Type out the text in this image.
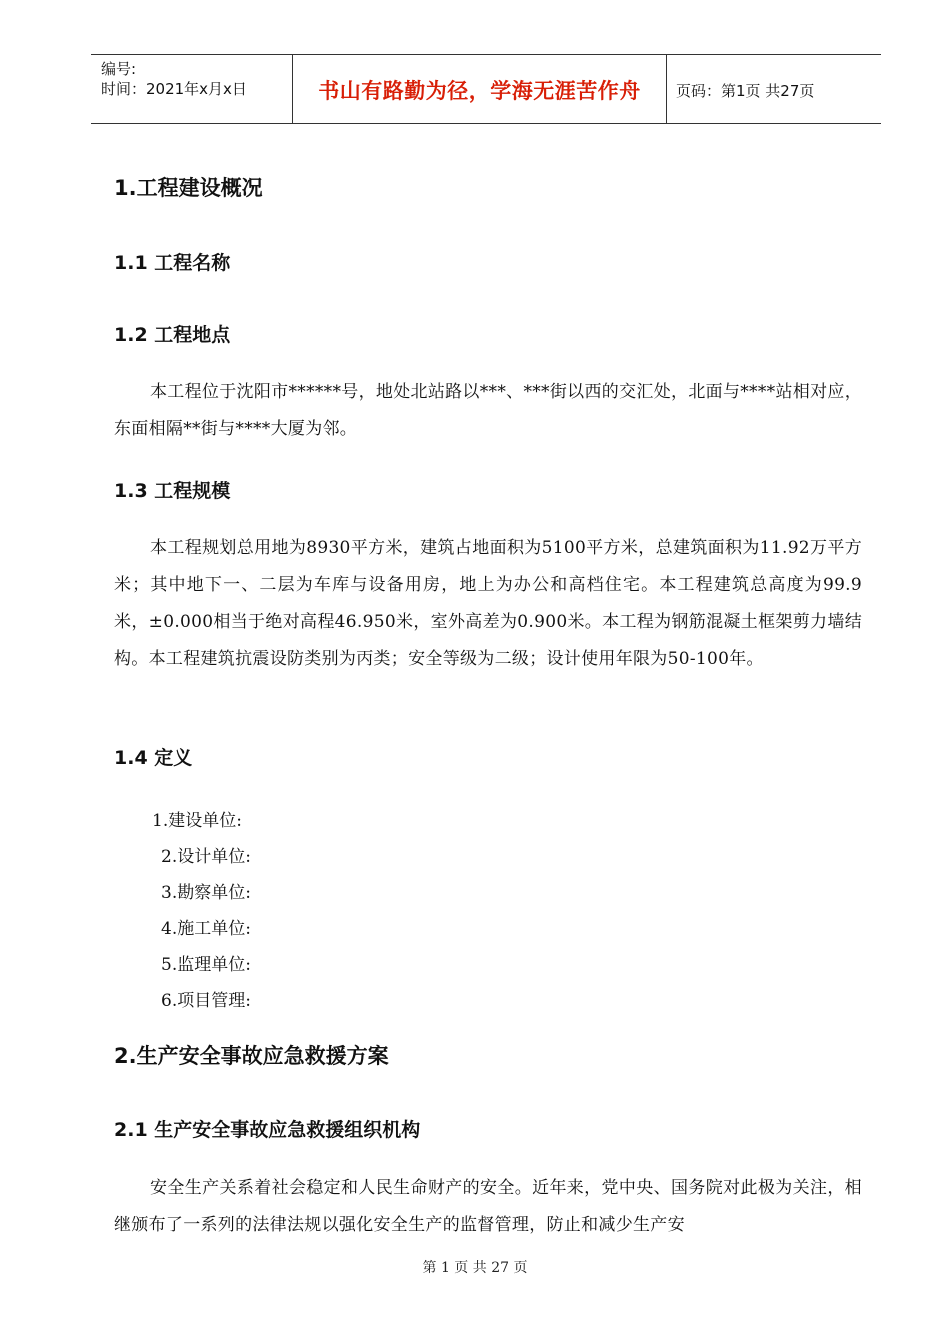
编号:
时间：2021年x月x日	书山有路勤为径，学海无涯苦作舟	页码：第1页 共27页
1.工程建设概况
1.1 工程名称
1.2 工程地点
本工程位于沈阳市******号，地处北站路以***、***街以西的交汇处，北面与****站相对应，东面相隔**街与****大厦为邻。
1.3 工程规模
本工程规划总用地为8930平方米，建筑占地面积为5100平方米，总建筑面积为11.92万平方米；其中地下一、二层为车库与设备用房，地上为办公和高档住宅。本工程建筑总高度为99.9米，±0.000相当于绝对高程46.950米，室外高差为0.900米。本工程为钢筋混凝土框架剪力墙结构。本工程建筑抗震设防类别为丙类；安全等级为二级；设计使用年限为50-100年。
1.4 定义
1.建设单位:
2.设计单位:
3.勘察单位:
4.施工单位:
5.监理单位:
6.项目管理:
2.生产安全事故应急救援方案
2.1 生产安全事故应急救援组织机构
安全生产关系着社会稳定和人民生命财产的安全。近年来，党中央、国务院对此极为关注，相继颁布了一系列的法律法规以强化安全生产的监督管理，防止和减少生产安
第 1 页 共 27 页
